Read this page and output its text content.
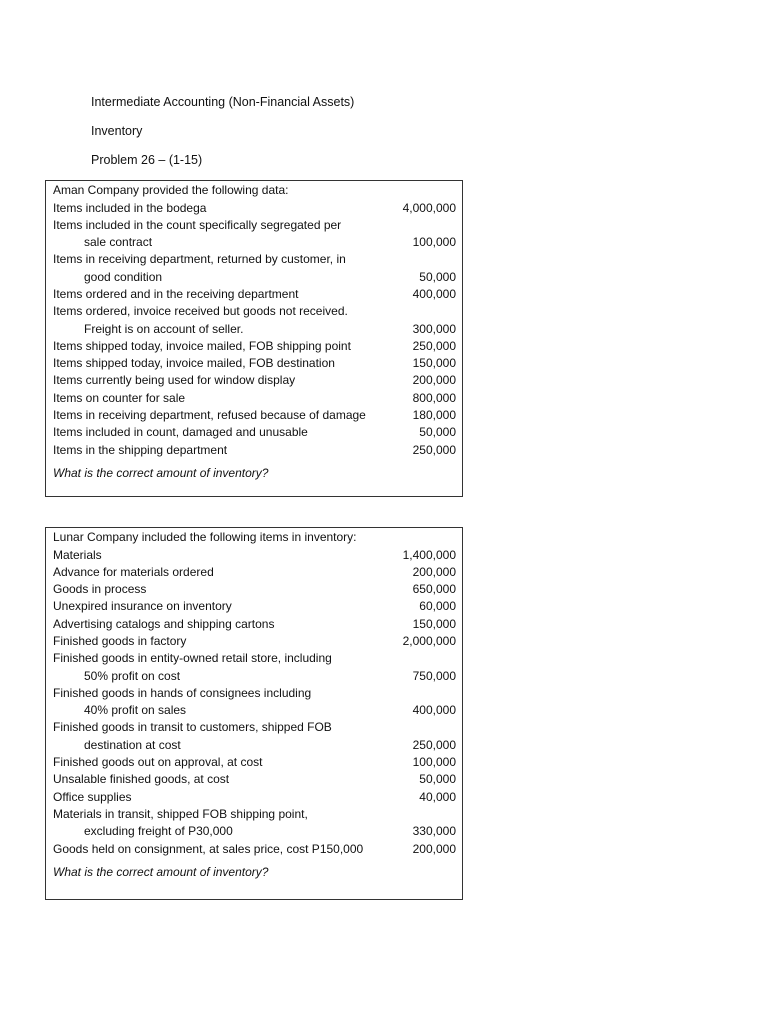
Intermediate Accounting (Non-Financial Assets)
Inventory
Problem 26 – (1-15)
Aman Company provided the following data:
Items included in the bodega	4,000,000
Items included in the count specifically segregated per
sale contract	100,000
Items in receiving department, returned by customer, in
good condition	50,000
Items ordered and in the receiving department	400,000
Items ordered, invoice received but goods not received.
Freight is on account of seller.	300,000
Items shipped today, invoice mailed, FOB shipping point	250,000
Items shipped today, invoice mailed, FOB destination	150,000
Items currently being used for window display	200,000
Items on counter for sale	800,000
Items in receiving department, refused because of damage	180,000
Items included in count, damaged and unusable	50,000
Items in the shipping department	250,000
What is the correct amount of inventory?
Lunar Company included the following items in inventory:
Materials	1,400,000
Advance for materials ordered	200,000
Goods in process	650,000
Unexpired insurance on inventory	60,000
Advertising catalogs and shipping cartons	150,000
Finished goods in factory	2,000,000
Finished goods in entity-owned retail store, including
50% profit on cost	750,000
Finished goods in hands of consignees including
40% profit on sales	400,000
Finished goods in transit to customers, shipped FOB
destination at cost	250,000
Finished goods out on approval, at cost	100,000
Unsalable finished goods, at cost	50,000
Office supplies	40,000
Materials in transit, shipped FOB shipping point,
excluding freight of P30,000	330,000
Goods held on consignment, at sales price, cost P150,000	200,000
What is the correct amount of inventory?
